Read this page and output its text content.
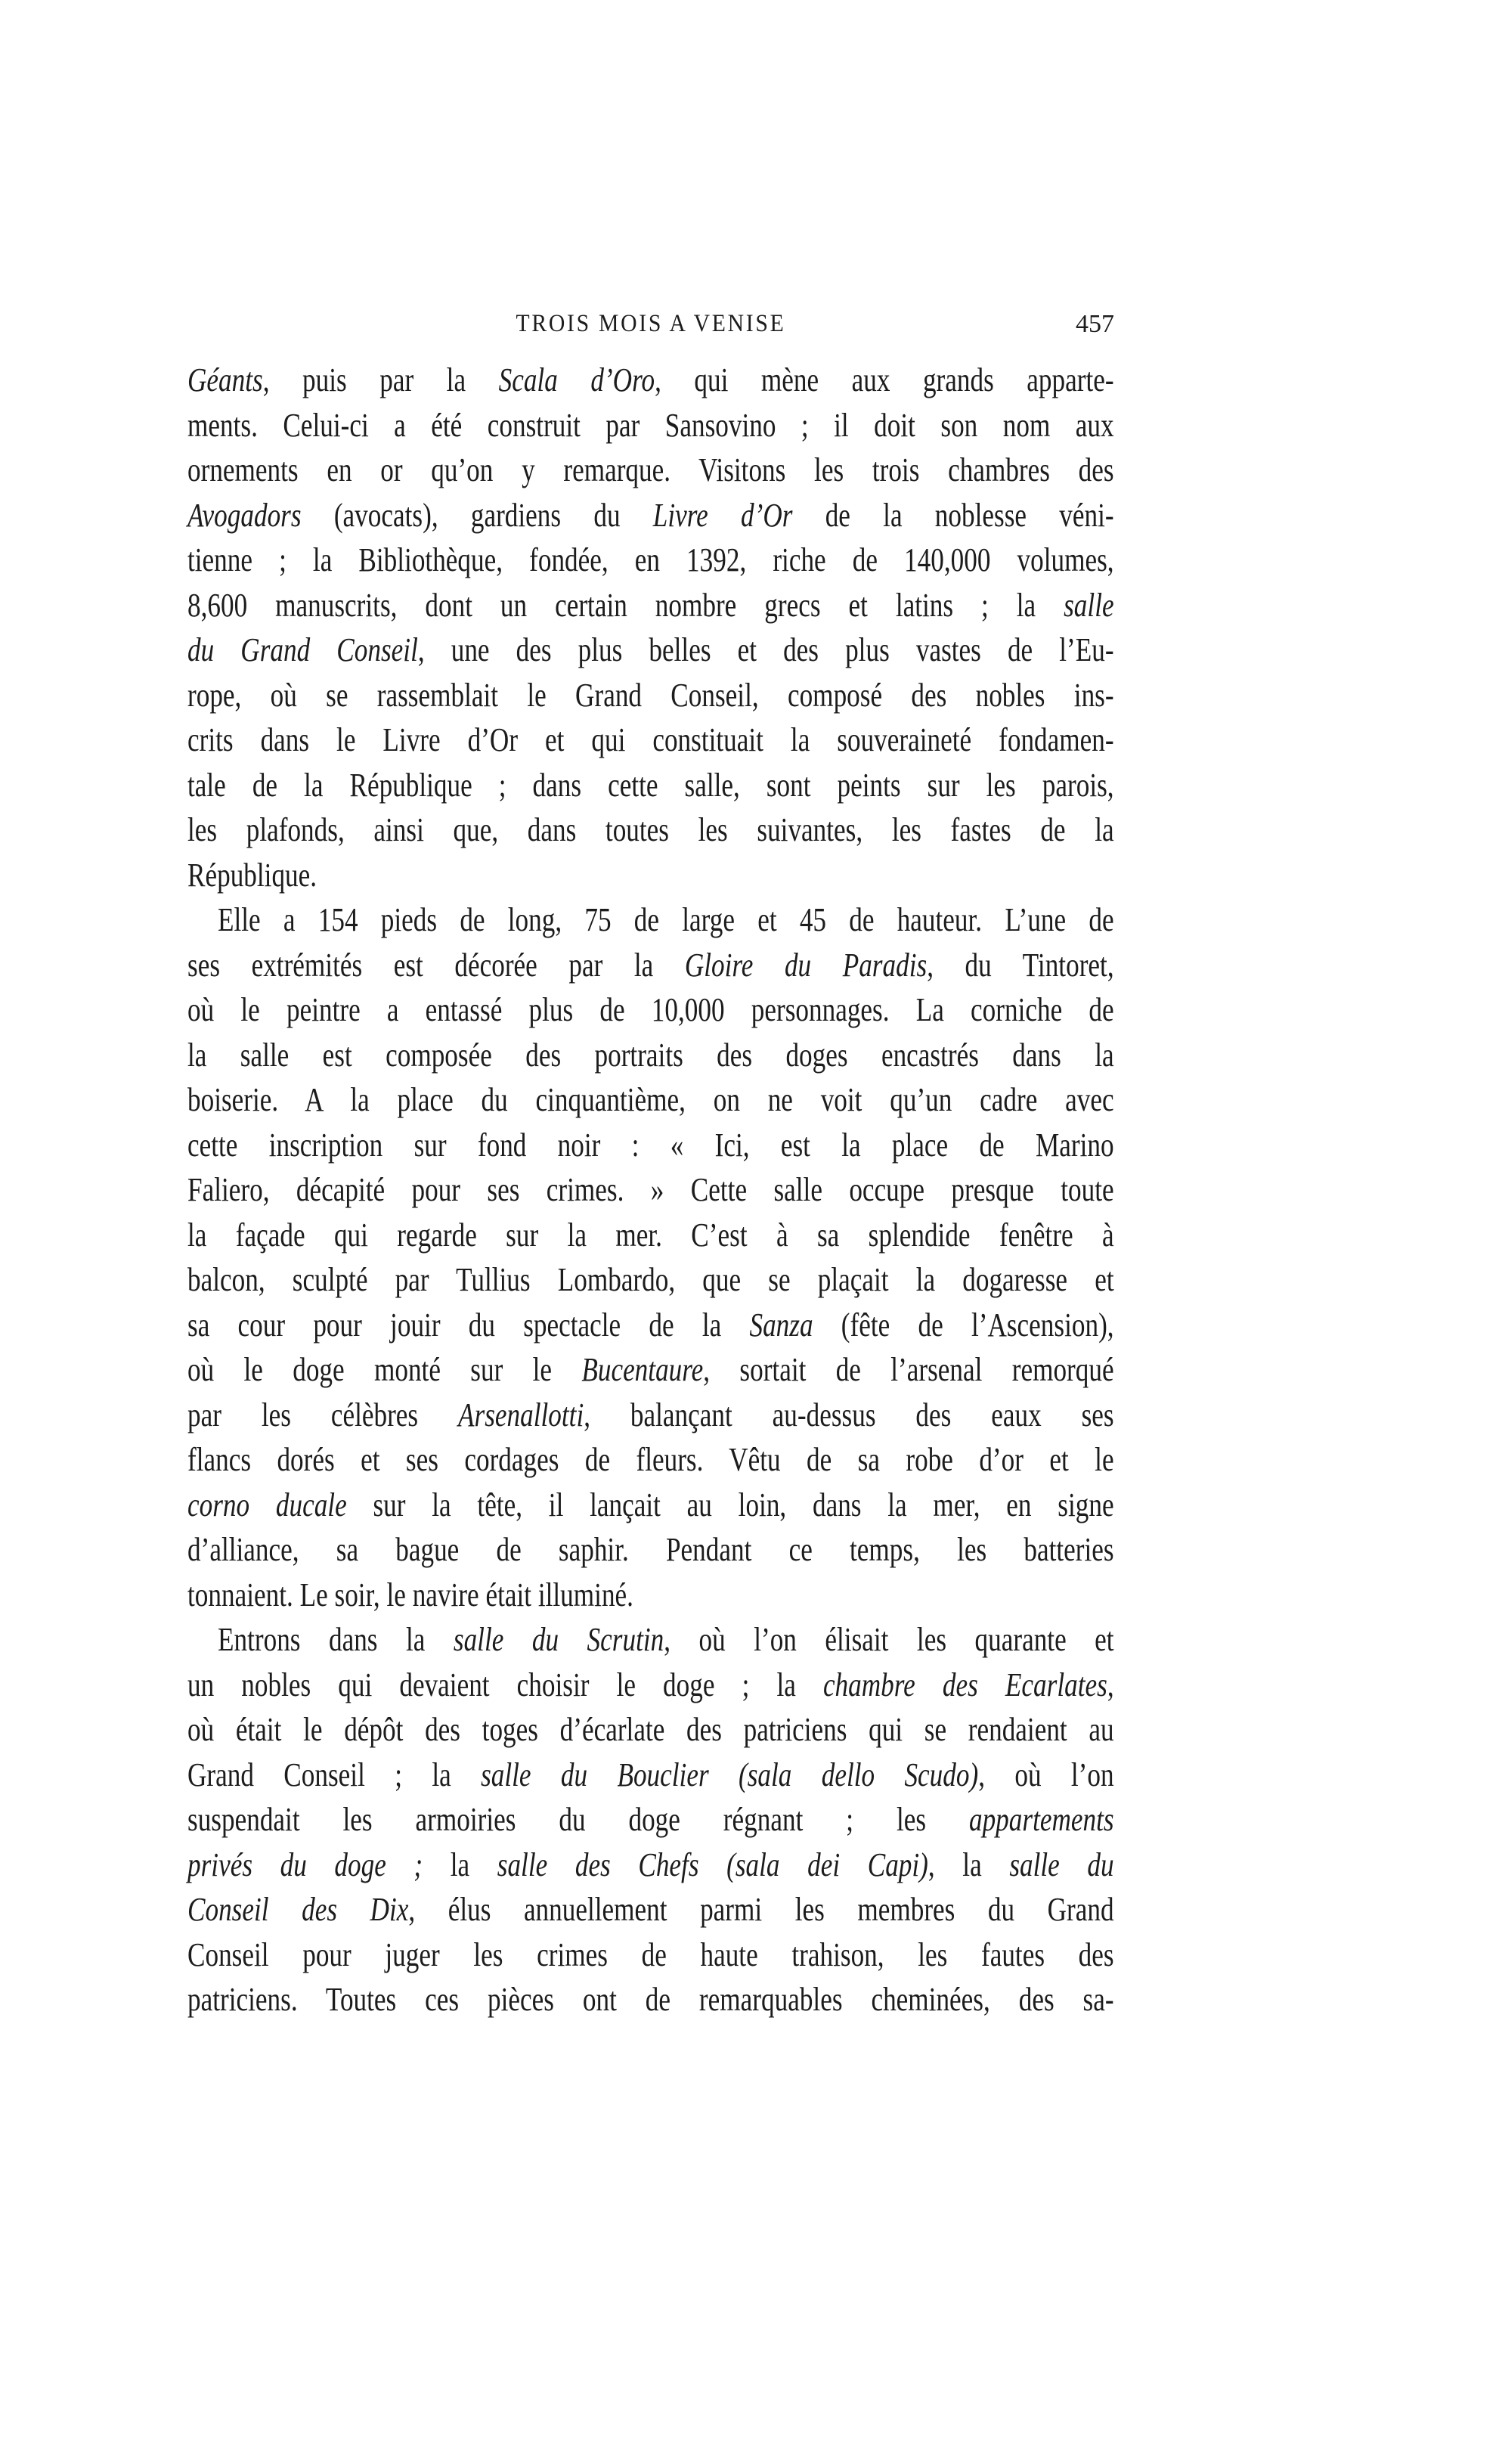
TROIS MOIS A VENISE	457
Géants, puis par la Scala d’Oro, qui mène aux grands apparte-
ments. Celui-ci a été construit par Sansovino ; il doit son nom aux
ornements en or qu’on y remarque. Visitons les trois chambres des
Avogadors (avocats), gardiens du Livre d’Or de la noblesse véni-
tienne ; la Bibliothèque, fondée, en 1392, riche de 140,000 volumes,
8,600 manuscrits, dont un certain nombre grecs et latins ; la salle
du Grand Conseil, une des plus belles et des plus vastes de l’Eu-
rope, où se rassemblait le Grand Conseil, composé des nobles ins-
crits dans le Livre d’Or et qui constituait la souveraineté fondamen-
tale de la République ; dans cette salle, sont peints sur les parois,
les plafonds, ainsi que, dans toutes les suivantes, les fastes de la
République.
Elle a 154 pieds de long, 75 de large et 45 de hauteur. L’une de
ses extrémités est décorée par la Gloire du Paradis, du Tintoret,
où le peintre a entassé plus de 10,000 personnages. La corniche de
la salle est composée des portraits des doges encastrés dans la
boiserie. A la place du cinquantième, on ne voit qu’un cadre avec
cette inscription sur fond noir : « Ici, est la place de Marino
Faliero, décapité pour ses crimes. » Cette salle occupe presque toute
la façade qui regarde sur la mer. C’est à sa splendide fenêtre à
balcon, sculpté par Tullius Lombardo, que se plaçait la dogaresse et
sa cour pour jouir du spectacle de la Sanza (fête de l’Ascension),
où le doge monté sur le Bucentaure, sortait de l’arsenal remorqué
par les célèbres Arsenallotti, balançant au-dessus des eaux ses
flancs dorés et ses cordages de fleurs. Vêtu de sa robe d’or et le
corno ducale sur la tête, il lançait au loin, dans la mer, en signe
d’alliance, sa bague de saphir. Pendant ce temps, les batteries
tonnaient. Le soir, le navire était illuminé.
Entrons dans la salle du Scrutin, où l’on élisait les quarante et
un nobles qui devaient choisir le doge ; la chambre des Ecarlates,
où était le dépôt des toges d’écarlate des patriciens qui se rendaient au
Grand Conseil ; la salle du Bouclier (sala dello Scudo), où l’on
suspendait les armoiries du doge régnant ; les appartements
privés du doge ; la salle des Chefs (sala dei Capi), la salle du
Conseil des Dix, élus annuellement parmi les membres du Grand
Conseil pour juger les crimes de haute trahison, les fautes des
patriciens. Toutes ces pièces ont de remarquables cheminées, des sa-
